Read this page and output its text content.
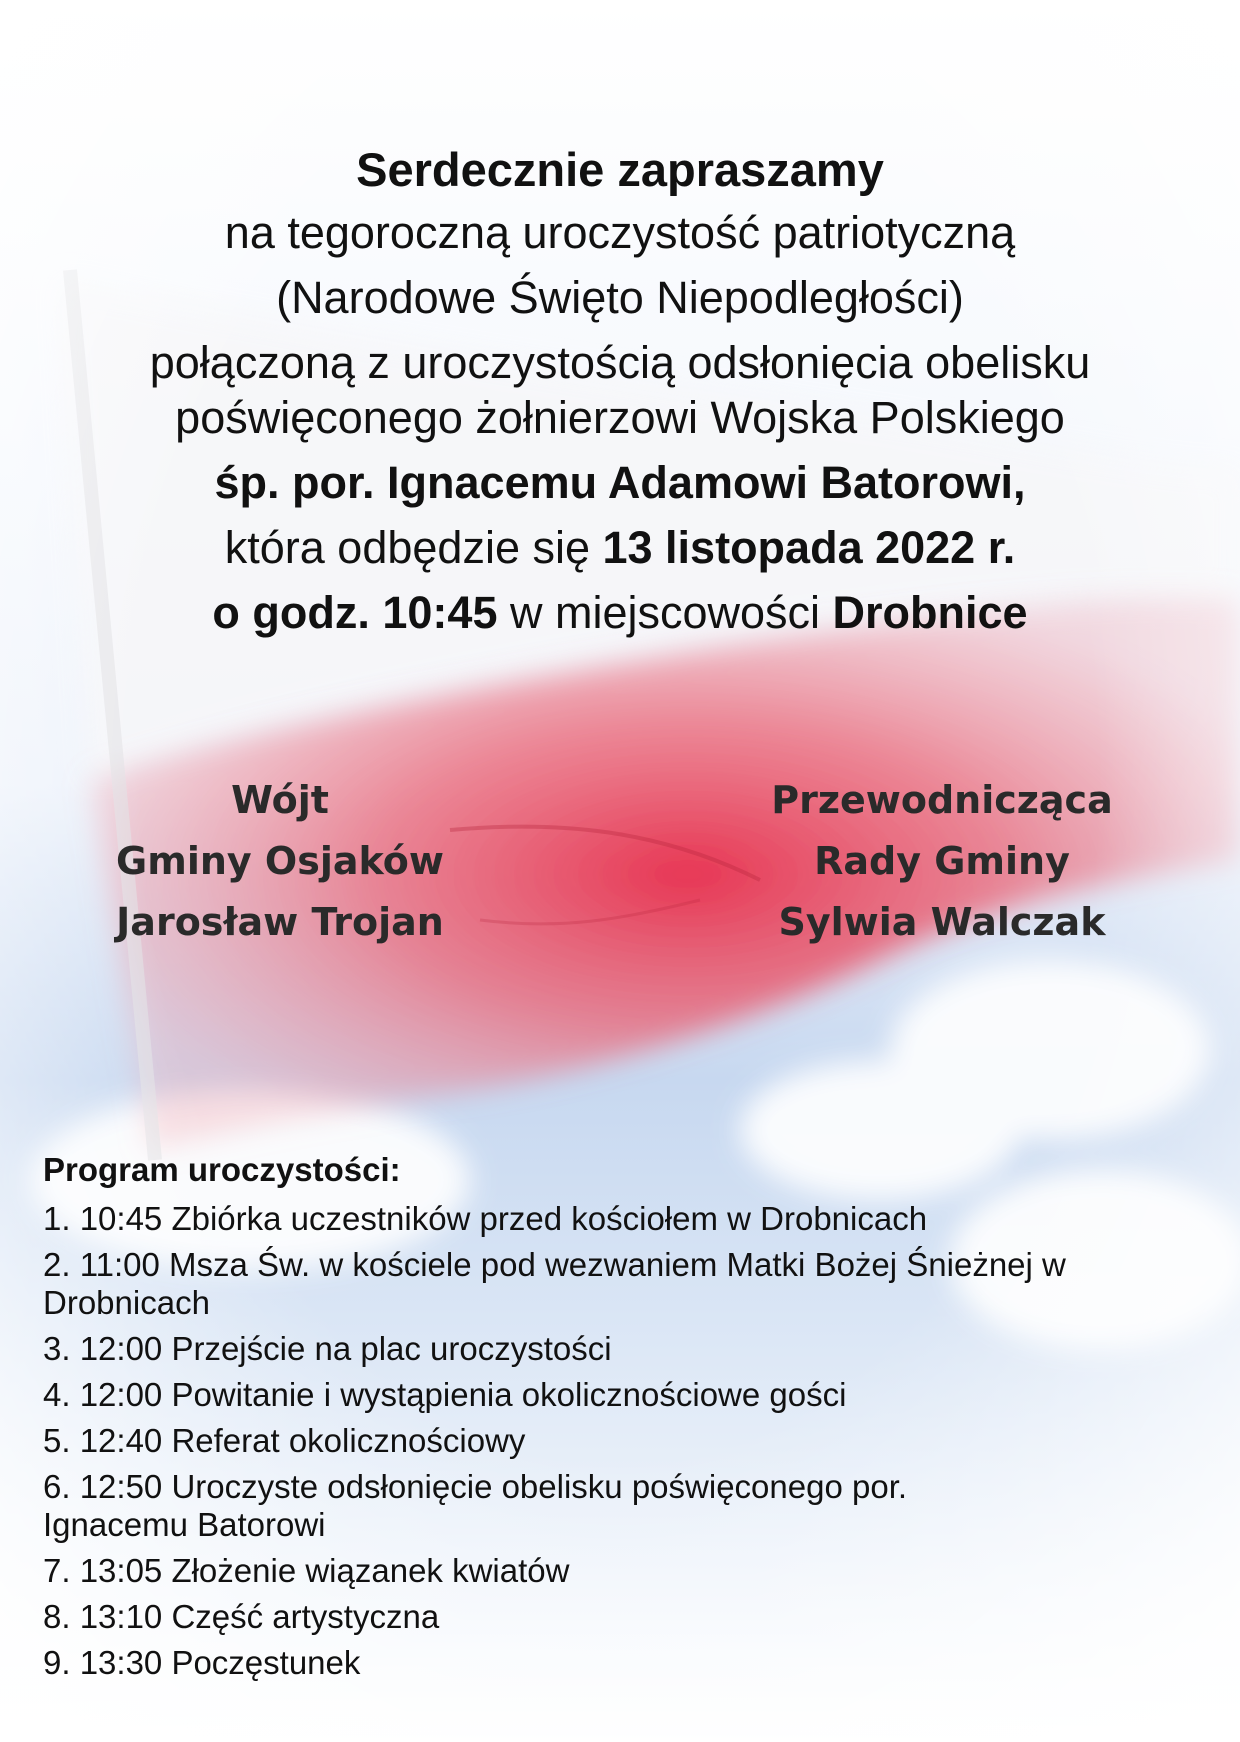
Serdecznie zapraszamy
na tegoroczną uroczystość patriotyczną
(Narodowe Święto Niepodległości)
połączoną z uroczystością odsłonięcia obelisku
poświęconego żołnierzowi Wojska Polskiego
śp. por. Ignacemu Adamowi Batorowi,
która odbędzie się 13 listopada 2022 r.
o godz. 10:45 w miejscowości Drobnice
Wójt
Gminy Osjaków
Jarosław Trojan
Przewodnicząca
Rady Gminy
Sylwia Walczak
Program uroczystości:
1. 10:45 Zbiórka uczestników przed kościołem w Drobnicach
2. 11:00 Msza Św. w kościele pod wezwaniem Matki Bożej Śnieżnej w Drobnicach
3. 12:00 Przejście na plac uroczystości
4. 12:00 Powitanie i wystąpienia okolicznościowe gości
5. 12:40 Referat okolicznościowy
6. 12:50 Uroczyste odsłonięcie obelisku poświęconego por. Ignacemu Batorowi
7. 13:05 Złożenie wiązanek kwiatów
8. 13:10 Część artystyczna
9. 13:30 Poczęstunek
